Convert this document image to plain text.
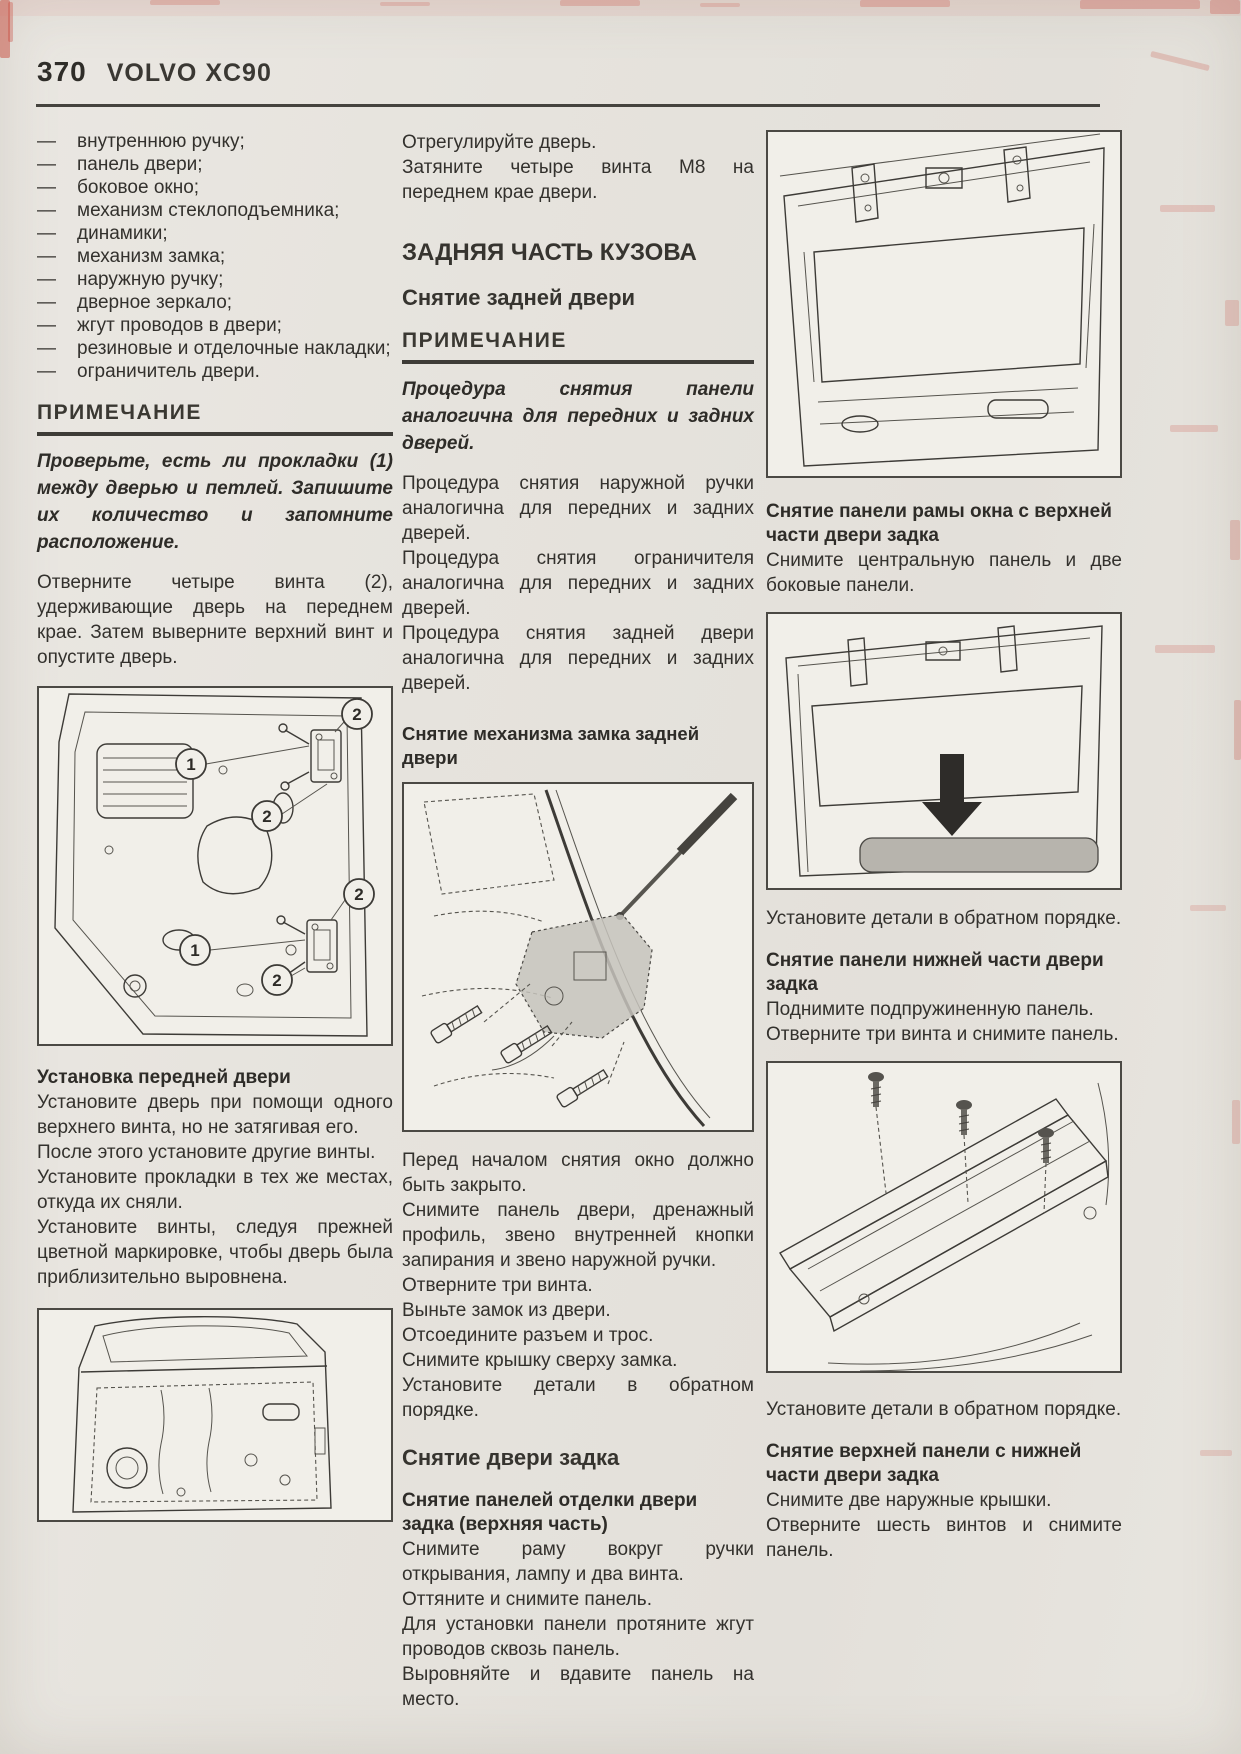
370 VOLVO XC90
—	внутреннюю ручку;
—	панель двери;
—	боковое окно;
—	механизм стеклоподъемника;
—	динамики;
—	механизм замка;
—	наружную ручку;
—	дверное зеркало;
—	жгут проводов в двери;
—	резиновые и отделочные накладки;
—	ограничитель двери.
ПРИМЕЧАНИЕ

Проверьте, есть ли прокладки (1) между дверью и петлей. Запишите их количество и запомните расположение.

Отверните четыре винта (2), удерживающие дверь на переднем крае. Затем выверните верхний винт и опустите дверь.

2
1
2
2
1
2
Установка передней двери

Установите дверь при помощи одного верхнего винта, но не затягивая его.

После этого установите другие винты.

Установите прокладки в тех же местах, откуда их сняли.

Установите винты, следуя прежней цветной маркировке, чтобы дверь была приблизительно выровнена.

Отрегулируйте дверь.

Затяните четыре винта М8 на переднем крае двери.

ЗАДНЯЯ ЧАСТЬ КУЗОВА
Снятие задней двери
ПРИМЕЧАНИЕ

Процедура снятия панели аналогична для передних и задних дверей.

Процедура снятия наружной ручки аналогична для передних и задних дверей.

Процедура снятия ограничителя аналогична для передних и задних дверей.

Процедура снятия задней двери аналогична для передних и задних дверей.

Снятие механизма замка задней двери

Перед началом снятия окно должно быть закрыто.

Снимите панель двери, дренажный профиль, звено внутренней кнопки запирания и звено наружной ручки.

Отверните три винта.

Выньте замок из двери.

Отсоедините разъем и трос.

Снимите крышку сверху замка.

Установите детали в обратном порядке.

Снятие двери задка
Снятие панелей отделки двери задка (верхняя часть)

Снимите раму вокруг ручки открывания, лампу и два винта.

Оттяните и снимите панель.

Для установки панели протяните жгут проводов сквозь панель.

Выровняйте и вдавите панель на место.

Снятие панели рамы окна с верхней части двери задка

Снимите центральную панель и две боковые панели.

Установите детали в обратном порядке.

Снятие панели нижней части двери задка

Поднимите подпружиненную панель.

Отверните три винта и снимите панель.

Установите детали в обратном порядке.

Снятие верхней панели с нижней части двери задка

Снимите две наружные крышки.

Отверните шесть винтов и снимите панель.
